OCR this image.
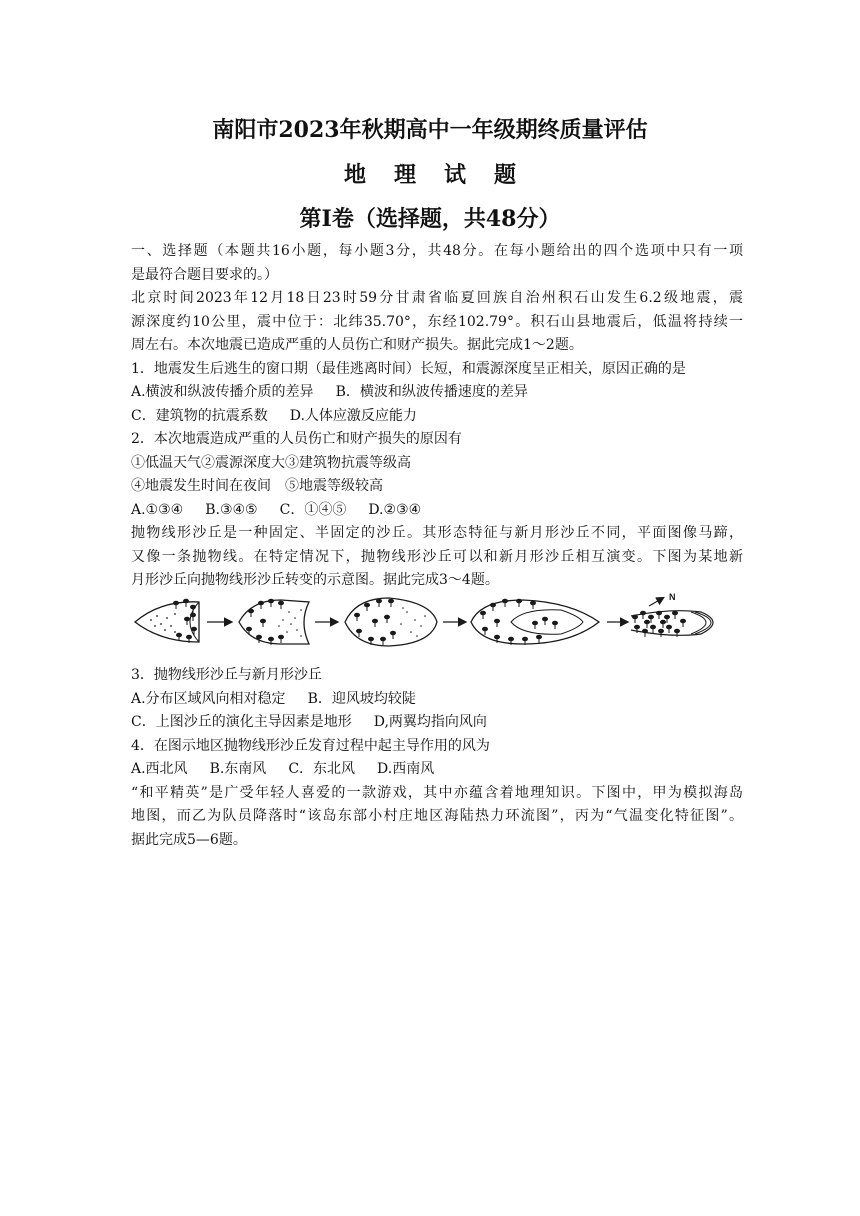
南阳市2023年秋期高中一年级期终质量评估
地理试题
第I卷（选择题，共48分）
一、选择题（本题共16小题，每小题3分，共48分。在每小题给出的四个选项中只有一项
是最符合题目要求的。）
北京时间2023年12月18日23时59分甘肃省临夏回族自治州积石山发生6.2级地震，震
源深度约10公里，震中位于：北纬35.70°，东经102.79°。积石山县地震后，低温将持续一
周左右。本次地震已造成严重的人员伤亡和财产损失。据此完成1～2题。
1．地震发生后逃生的窗口期（最佳逃离时间）长短，和震源深度呈正相关，原因正确的是
A.横波和纵波传播介质的差异 B．横波和纵波传播速度的差异
C．建筑物的抗震系数 D.人体应激反应能力
2．本次地震造成严重的人员伤亡和财产损失的原因有
①低温天气②震源深度大③建筑物抗震等级高
④地震发生时间在夜间　⑤地震等级较高
A.①③④ B.③④⑤ C．①④⑤ D.②③④
抛物线形沙丘是一种固定、半固定的沙丘。其形态特征与新月形沙丘不同，平面图像马蹄，
又像一条抛物线。在特定情况下，抛物线形沙丘可以和新月形沙丘相互演变。下图为某地新
月形沙丘向抛物线形沙丘转变的示意图。据此完成3～4题。
N
3．抛物线形沙丘与新月形沙丘
A.分布区域风向相对稳定 B．迎风坡均较陡
C．上图沙丘的演化主导因素是地形 D,两翼均指向风向
4．在图示地区抛物线形沙丘发育过程中起主导作用的风为
A.西北风 B.东南风 C．东北风 D.西南风
“和平精英”是广受年轻人喜爱的一款游戏，其中亦蕴含着地理知识。下图中，甲为模拟海岛
地图，而乙为队员降落时“该岛东部小村庄地区海陆热力环流图”，丙为“气温变化特征图”。
据此完成5—6题。
